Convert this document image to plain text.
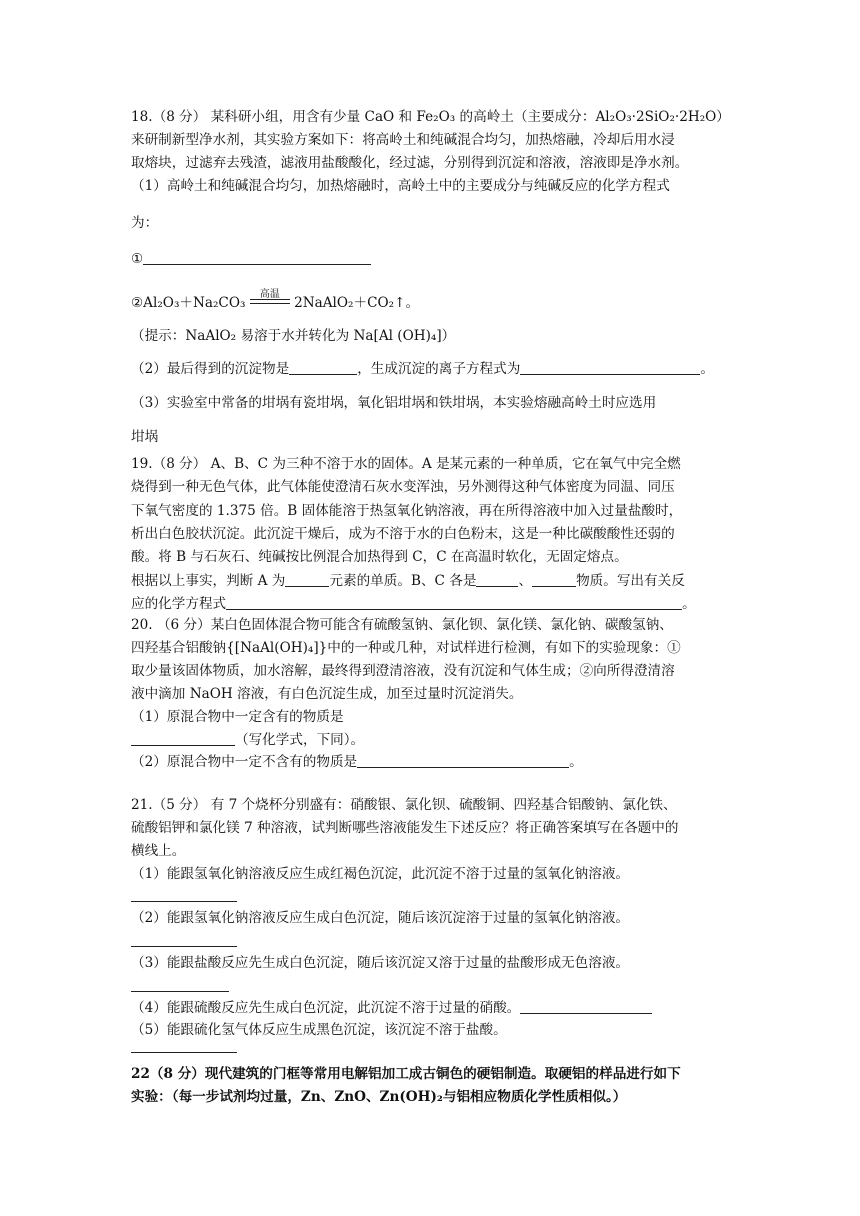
18.（8 分） 某科研小组，用含有少量 CaO 和 Fe₂O₃ 的高岭土（主要成分：Al₂O₃·2SiO₂·2H₂O）
来研制新型净水剂，其实验方案如下：将高岭土和纯碱混合均匀，加热熔融，冷却后用水浸
取熔块，过滤弃去残渣，滤液用盐酸酸化，经过滤，分别得到沉淀和溶液，溶液即是净水剂。
（1）高岭土和纯碱混合均匀，加热熔融时，高岭土中的主要成分与纯碱反应的化学方程式
为：
①
②Al₂O₃＋Na₂CO₃
高温
2NaAlO₂＋CO₂↑。
（提示：NaAlO₂ 易溶于水并转化为 Na[Al (OH)₄]）
（2）最后得到的沉淀物是	，生成沉淀的离子方程式为	。
（3）实验室中常备的坩埚有瓷坩埚，氧化铝坩埚和铁坩埚，本实验熔融高岭土时应选用
坩埚
19.（8 分） A、B、C 为三种不溶于水的固体。A 是某元素的一种单质，它在氧气中完全燃
烧得到一种无色气体，此气体能使澄清石灰水变浑浊，另外测得这种气体密度为同温、同压
下氧气密度的 1.375 倍。B 固体能溶于热氢氧化钠溶液，再在所得溶液中加入过量盐酸时，
析出白色胶状沉淀。此沉淀干燥后，成为不溶于水的白色粉末，这是一种比碳酸酸性还弱的
酸。将 B 与石灰石、纯碱按比例混合加热得到 C，C 在高温时软化，无固定熔点。
根据以上事实，判断 A 为	元素的单质。B、C 各是	、	物质。写出有关反
应的化学方程式	。
20. （6 分）某白色固体混合物可能含有硫酸氢钠、氯化钡、氯化镁、氯化钠、碳酸氢钠、
四羟基合铝酸钠{[NaAl(OH)₄]}中的一种或几种，对试样进行检测，有如下的实验现象：①
取少量该固体物质，加水溶解，最终得到澄清溶液，没有沉淀和气体生成；②向所得澄清溶
液中滴加 NaOH 溶液，有白色沉淀生成，加至过量时沉淀消失。
（1）原混合物中一定含有的物质是
（写化学式，下同）。
（2）原混合物中一定不含有的物质是	。
21.（5 分） 有 7 个烧杯分别盛有：硝酸银、氯化钡、硫酸铜、四羟基合铝酸钠、氯化铁、
硫酸铝钾和氯化镁 7 种溶液，试判断哪些溶液能发生下述反应？将正确答案填写在各题中的
横线上。
（1）能跟氢氧化钠溶液反应生成红褐色沉淀，此沉淀不溶于过量的氢氧化钠溶液。
（2）能跟氢氧化钠溶液反应生成白色沉淀，随后该沉淀溶于过量的氢氧化钠溶液。
（3）能跟盐酸反应先生成白色沉淀，随后该沉淀又溶于过量的盐酸形成无色溶液。
（4）能跟硫酸反应先生成白色沉淀，此沉淀不溶于过量的硝酸。
（5）能跟硫化氢气体反应生成黑色沉淀，该沉淀不溶于盐酸。
22（8 分）现代建筑的门框等常用电解铝加工成古铜色的硬铝制造。取硬铝的样品进行如下
实验：（每一步试剂均过量，Zn、ZnO、Zn(OH)₂与铝相应物质化学性质相似。）
